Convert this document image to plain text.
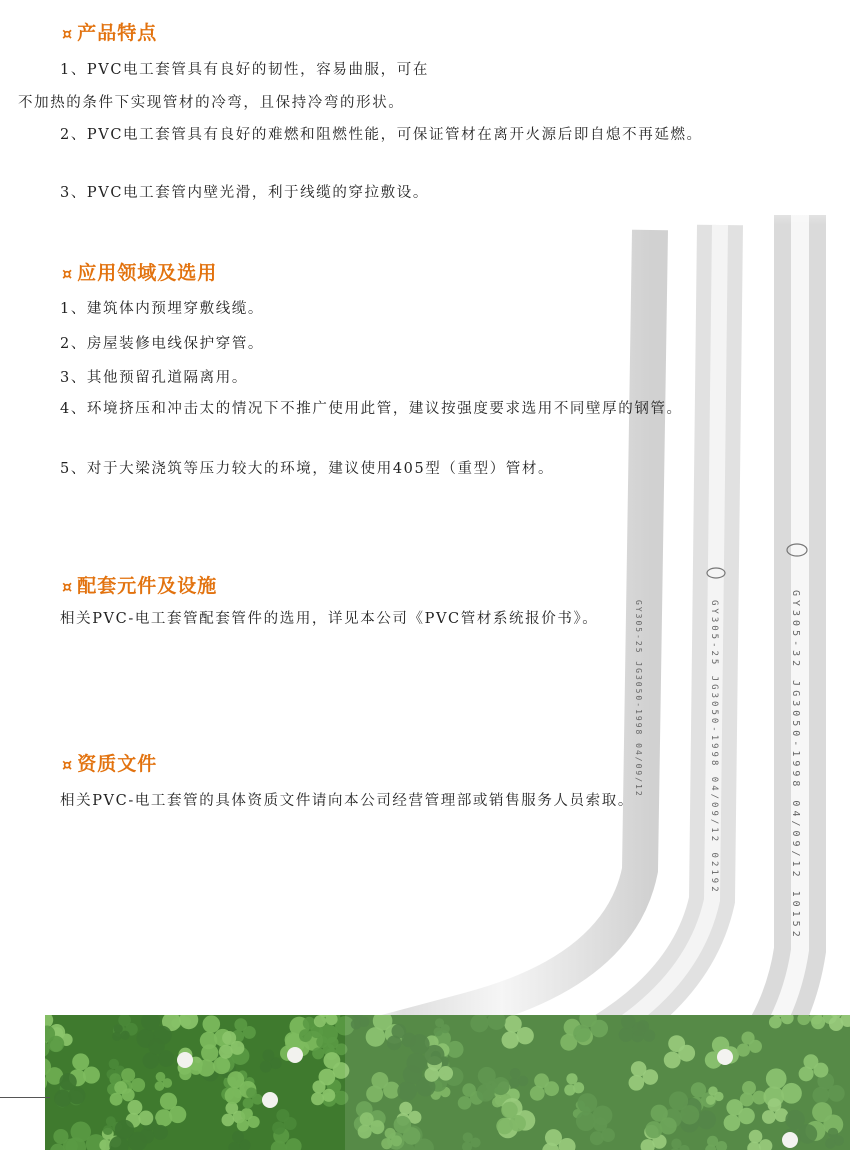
GY305-25 JG3050-1998 04/09/12	GY305-25 JG3050-1998 04/09/12 02192	GY305-32 JG3050-1998 04/09/12 10152
¤ 产品特点

1、PVC电工套管具有良好的韧性，容易曲服，可在

不加热的条件下实现管材的冷弯，且保持冷弯的形状。

2、PVC电工套管具有良好的难燃和阻燃性能，可保证管材在离开火源后即自熄不再延燃。

3、PVC电工套管内壁光滑，利于线缆的穿拉敷设。

¤ 应用领域及选用

1、建筑体内预埋穿敷线缆。

2、房屋装修电线保护穿管。

3、其他预留孔道隔离用。

4、环境挤压和冲击太的情况下不推广使用此管，建议按强度要求选用不同壁厚的钢管。

5、对于大梁浇筑等压力较大的环境，建议使用405型（重型）管材。

¤ 配套元件及设施

相关PVC-电工套管配套管件的选用，详见本公司《PVC管材系统报价书》。

¤ 资质文件

相关PVC-电工套管的具体资质文件请向本公司经营管理部或销售服务人员索取。
